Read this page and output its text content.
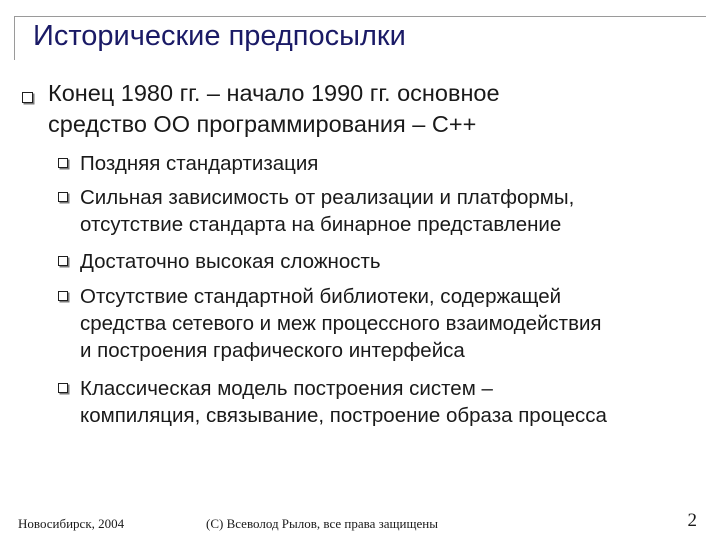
Исторические предпосылки
Конец 1980 гг. – начало 1990 гг. основное
средство ОО программирования – С++
Поздняя стандартизация
Сильная зависимость от реализации и платформы,
отсутствие стандарта на бинарное представление
Достаточно высокая сложность
Отсутствие стандартной библиотеки, содержащей
средства сетевого и меж процессного взаимодействия
и построения графического интерфейса
Классическая модель построения систем –
компиляция, связывание, построение образа процесса
Новосибирск, 2004	(С) Всеволод Рылов, все права защищены	2
